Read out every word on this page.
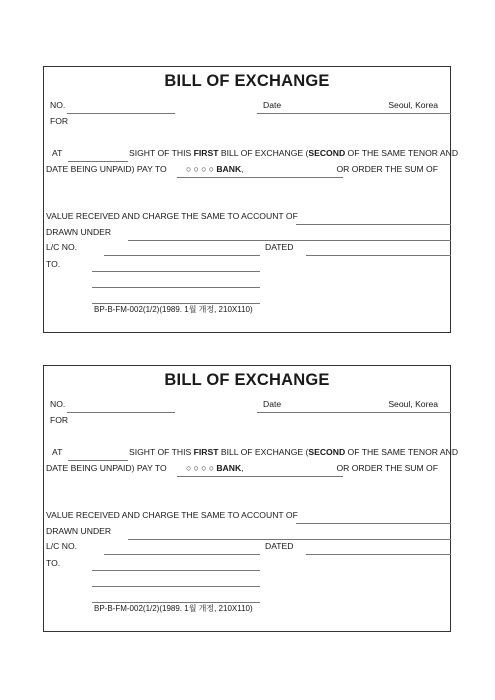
BILL OF EXCHANGE
NO.	Date	Seoul, Korea
FOR
AT	SIGHT OF THIS FIRST BILL OF EXCHANGE (SECOND OF THE SAME TENOR AND
DATE BEING UNPAID) PAY TO ○ ○ ○ ○ BANK,	OR ORDER THE SUM OF
VALUE RECEIVED AND CHARGE THE SAME TO ACCOUNT OF
DRAWN UNDER
L/C NO.	DATED
TO.
BP-B-FM-002(1/2)(1989. 1월 개정, 210X110)
BILL OF EXCHANGE
NO.	Date	Seoul, Korea
FOR
AT	SIGHT OF THIS FIRST BILL OF EXCHANGE (SECOND OF THE SAME TENOR AND
DATE BEING UNPAID) PAY TO ○ ○ ○ ○ BANK,	OR ORDER THE SUM OF
VALUE RECEIVED AND CHARGE THE SAME TO ACCOUNT OF
DRAWN UNDER
L/C NO.	DATED
TO.
BP-B-FM-002(1/2)(1989. 1월 개정, 210X110)
